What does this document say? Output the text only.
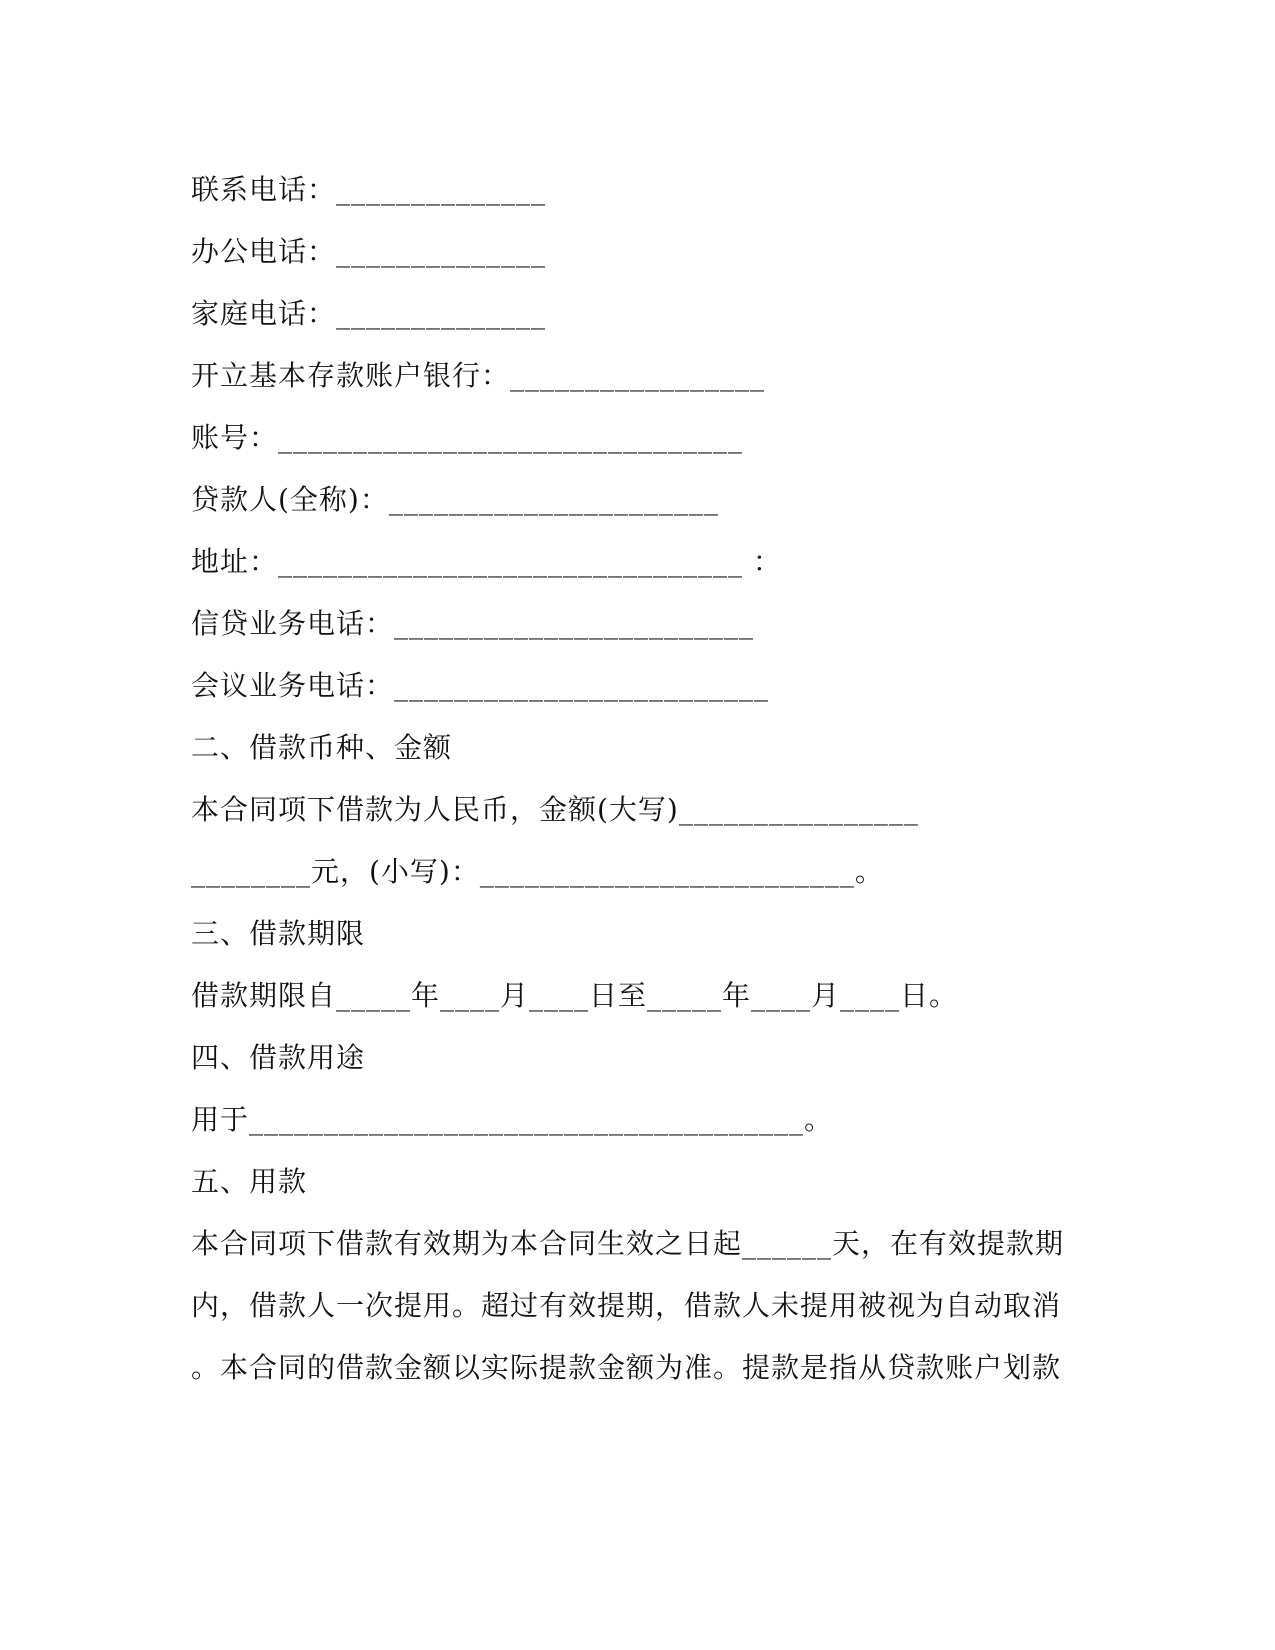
联系电话：______________
办公电话：______________
家庭电话：______________
开立基本存款账户银行：_________________
账号：_______________________________
贷款人(全称)：______________________
地址：_______________________________ ：
信贷业务电话：________________________
会议业务电话：_________________________
二、借款币种、金额
本合同项下借款为人民币，金额(大写)________________
________元，(小写)：_________________________。
三、借款期限
借款期限自_____年____月____日至_____年____月____日。
四、借款用途
用于_____________________________________。
五、用款
本合同项下借款有效期为本合同生效之日起______天，在有效提款期
内，借款人一次提用。超过有效提期，借款人未提用被视为自动取消
。本合同的借款金额以实际提款金额为准。提款是指从贷款账户划款
